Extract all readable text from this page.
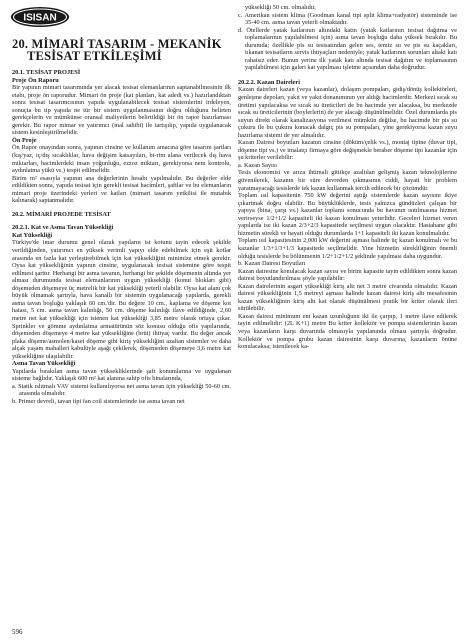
ISISAN
20. MİMARİ TASARIM - MEKANİK
TESİSAT ETKİLEŞİMİ

20.1. TESİSAT PROJESİ

Proje Ön Raporu

Bir yapının mimari tasarımında yer alacak tesisat elemanlarının saptanabilmesinin ilk etabı, proje ön raporudur. Mimari ön proje (kat planları, kat adedi vs.) hazırlandıktan sonra tesisat tasarımcısının yapıda uygulanabilecek tesisat sistemlerini irdeleyen, sonuçta bu tip yapıda ne tür bir sistem uygulanmasının doğru olduğunu belirten gerekçelerin ve mümkünse oransal maliyetlerin belirtildiği bir ön rapor hazırlaması gerekir. Bu rapor mimar ve yatırımcı (mal sahibi) ile tartışılıp, yapıda uygulanacak sistem kesinleştirilmelidir.

Ön Proje

Ön Rapor onayından sonra, yapının cinsine ve kullanım amacına göre tasarım şartları (kış/yaz, iç/dış sıcaklıklar, hava değişim katsayıları, bi-rim alana verilecek dış hava miktarları, hacimlerdeki insan yoğunluğu, ezzoz miktarı, gerekiyorsa nem kontrolu, aydınlatma yükü vs.) tespit edilmelidir.

Birim m² esasıyla yapının ana değerlerinin hesabı yapılmalıdır. Bu değerler elde edildikten sonra, yapıda tesisat için gerekli tesisat hacimleri, şaftlar ve bu elemanların mimari proje üzerindeki yerleri ve katları (mimari tasarım yetkilisi ile mutabık kalınarak) saptanmalıdır.

20.2. MİMARİ PROJEDE TESİSAT

20.2.1. Kat ve Asma Tavan Yüksekliği

Kat Yüksekliği

Türkiye'de imar durumu genel olarak yapıların ist kotunu tayin edecek şekilde verildiğinden, yatırımcı en yüksek verimli yapıyı elde edebilmek için eşit kotlar arasında en fazla kat yerleştirebilmek için kat yüksekliğini minimize etmek gerekir. Oysa kat yüksekliğinin yapının cinsine, uygulanacak tesisat sistemine göre tespit edilmesi şarttır. Herhangi bir asma tavanın, herhangi bir şekilde döşemenin altında yer alması durumunda tesisat elemanlarının uygun yüksekliği (konut blokları gibi) döşemeden döşemeye üç metrelik bir kat yüksekliği yeterli olabilir. Oysa kat alanı çok büyük olmamak şartıyla, hava kanallı bir sistemin uygulanacağı yapılarda, gerekli asma tavan boşluğu yaklaşık 60 cm.'dir. Bu değere 10 cm., kaplama ve döşeme kot hatası, 5 cm. asma tavan kalınlığı, 50 cm. döşeme kalınlığı ilave edildiğinde, 2,60 metre net kat yüksekliği için istenen kat yüksekliği 3,85 metre olarak ortaya çıkar. Sprinkler ve gömme aydınlatma armatürünün söz konusu olduğu ofis yapılarında, döşemeden döşemeye 4 metre kat yüksekliğine (brüt) ihtiyaç vardır. Bu değer ancak plaka döşeme/asmolen/kaset döşeme gibi kiriş yüksekliğini azaltan sistemler ve daha alçak yaşam mahalleri kabulüyle aşağı çekilerek, döşemeden döşemeye 3,6 metre kat yüksekliğine ulaşılabilir.

Asma Tavan Yüksekliği

Yapılarda bırakılan asma tavan yüksekliklerinde şaft konumlarına ve uygulanan sisteme bağlıdır. Yaklaşık 600 m² kat alanına sahip ofis binalarında,

a. Statik ıslıtmalı VAV sistemi kullanılıyorsa net asma tavan için yüksekliği 50-60 cm. arasında olmalıdır.
b. Primer devreli, tavan tipi fan coil sistemlerinde ise asma tavan net

yüksekliği 50 cm. olmalıdır.

c. Amerikan sistem klima (Goodman kanal tipi split klima+radyatör) sisteminde ise 35-40 cm. asma tavan yeterli olmaktadır.
d. Ötellerde yatak katlarının altındaki katın (yatak katlarının tesisat dağıtma ve toplamalarının yapılabilmesi için) asma tavan boşluğu daha yüksek bırakılır. Bu durumda; özellikle pis su tesisatından gelen ses, temiz su ve pis su kaçakları, tıkanan tesisatların servis ihtiyaçları nedeniyle; yatak katlarının sorunları altaki katı rahatsız eder. Bunun yerine ilk yatak katı altında tesisat dağıtım ve toplamasının yapılabilmesi için galeri kat yapılması işletme açısından daha doğrudur.

20.2.2. Kazan Daireleri

Kazan daireleri kazan (veya kazanlar), dolaşım pompaları, gidiş/dönüş kollektörleri, genleşme depoları, yakıt ve yakıt donanımının yer aldığı hacimlerdir. Merkezi sıcak su üretimi yapılacaksa ve sıcak su üreticileri de bu hacimde yer alacaksa, bu merkezde sıcak su üreticilerinin (boylerlerin) de yer alacağı düşünülmelidir. Özel durumlarda pis suyun direkt olarak kanalizasyona verilmesi mümkün değilse, bu hacimde bir pis su çukuru ile bu çukura konacak dalgıç pis su pompaları, yine gerekiyorsa kazan suyu hazırlama sistemi de yer almalıdır.

Kazan Dairesi boyutları kazanın cinsine (döküm/çelik vs.), montaj tipine (duvar tipi, döşeme tipi vs.) ve imalatçı firmaya göre değişmekle beraber döşeme tipi kazanlar için şu kriterler verilebilir:

a. Kazan Sayısı

Tesis ekonomisi ve arıza ihtimali gittikçe azaltılan gelişmiş kazan teknolojilerine güvenilerek, kazanın bir süre devreden çıkmasının ciddi, hayati bir problem yaratmayacağı tesislerde tek kazan kullanmak tercih edilecek bir çözümdür.

Toplam ısıl kapasitenin 750 kW değerini aştığı sistemlerde kazan sayısını ikiye çıkartmak doğru olabilir. Bu büyüklüklerde, tesis yalnızca gündüzleri çalışan bir yapıya (bina, çarşı vs.) kazanlar toplamı sonucunda bu havanın ısıtılmasına hizmet verirseyse 1/2+1/2 kapasiteli iki kazan konulması yeterlidir. Geceleri hizmet veren yapılarda ise iki kazan 2/3+2/3 kapasitede seçilmesi uygun olacaktır. Hastahane gibi hizmetin sürekli ve hayati olduğu durumlarda 1+1 kapasiteli iki kazan konulmalıdır.

Toplam ısıl kapasitesinin 2,000 kW değerini aşması halinde üç kazan konulmalı ve bu kazanlar 1/3+1/3+1/3 kapasitede seçilmelidir. Yine hizmetin sürekliliğinin önemli olduğu tesislerde bu bölünmenin 1/2+1/2+1/2 şeklinde yapılması daha uygundur.

b. Kazan Dairesi Boyutları

Kazan dairesine konulacak kazan sayısı ve birim kapasite tayin edildikten sonra kazan dairesi boyutlandırılması şöyle yapılabilir:

Kazan dairelerinin asgari yüksekliği kiriş altı net 3 metre civarında olmalıdır. Kazan dairesi yüksekliğinin 1,5 metreyi aşması halinde kazan dairesi kiriş altı mesafesinin kazan yüksekliğinin kiriş altı kat olarak düşünülmesi pratik bir kriter olarak ileri sürülebilir.

Kazan dairesi minimum ent kazan uzunluğunu iki ile çarpıp, 1 metre ilave edilerek tayin edilmelidir: (2L K+1) metre Bu kriter kollektör ve pompa sistemlerinin kazan veya kazanların karşı duvarında olmasıyla yapılanında olması şartıyla doğrudur. Kollektör ve pompa grubu kazan dairesinin karşı duvarına, kazanların önüne konulacaksa; istenilecek ka-

596
